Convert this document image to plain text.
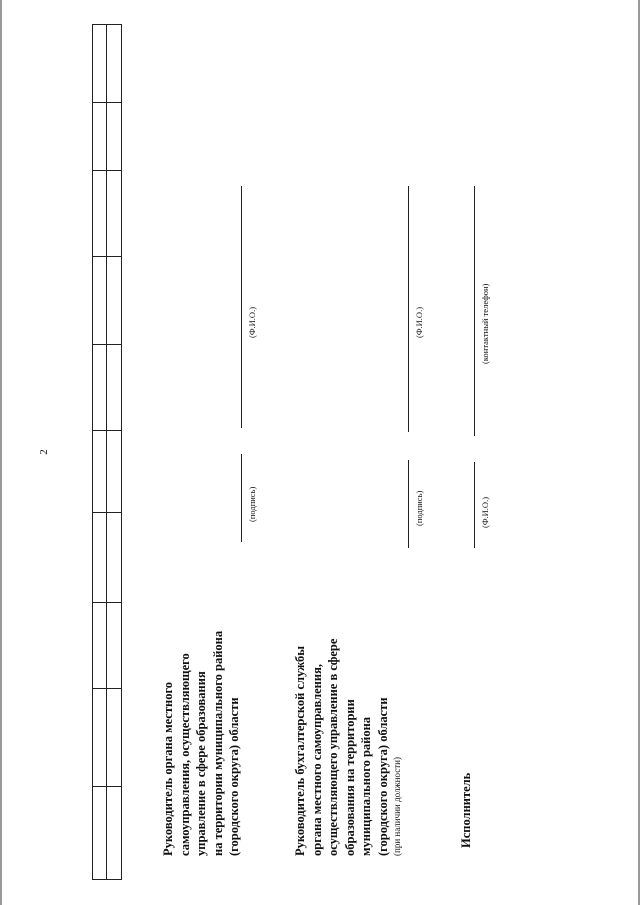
2
Руководитель органа местного самоуправления, осуществляющего управление в сфере образования на территории муниципального района (городского округа) области
(подпись)
(Ф.И.О.)
Руководитель бухгалтерской службы органа местного самоуправления, осуществляющего управление в сфере образования на территории муниципального района (городского округа) области (при наличии должности)
(подпись)
(Ф.И.О.)
Исполнитель
(Ф.И.О.)
(контактный телефон)
